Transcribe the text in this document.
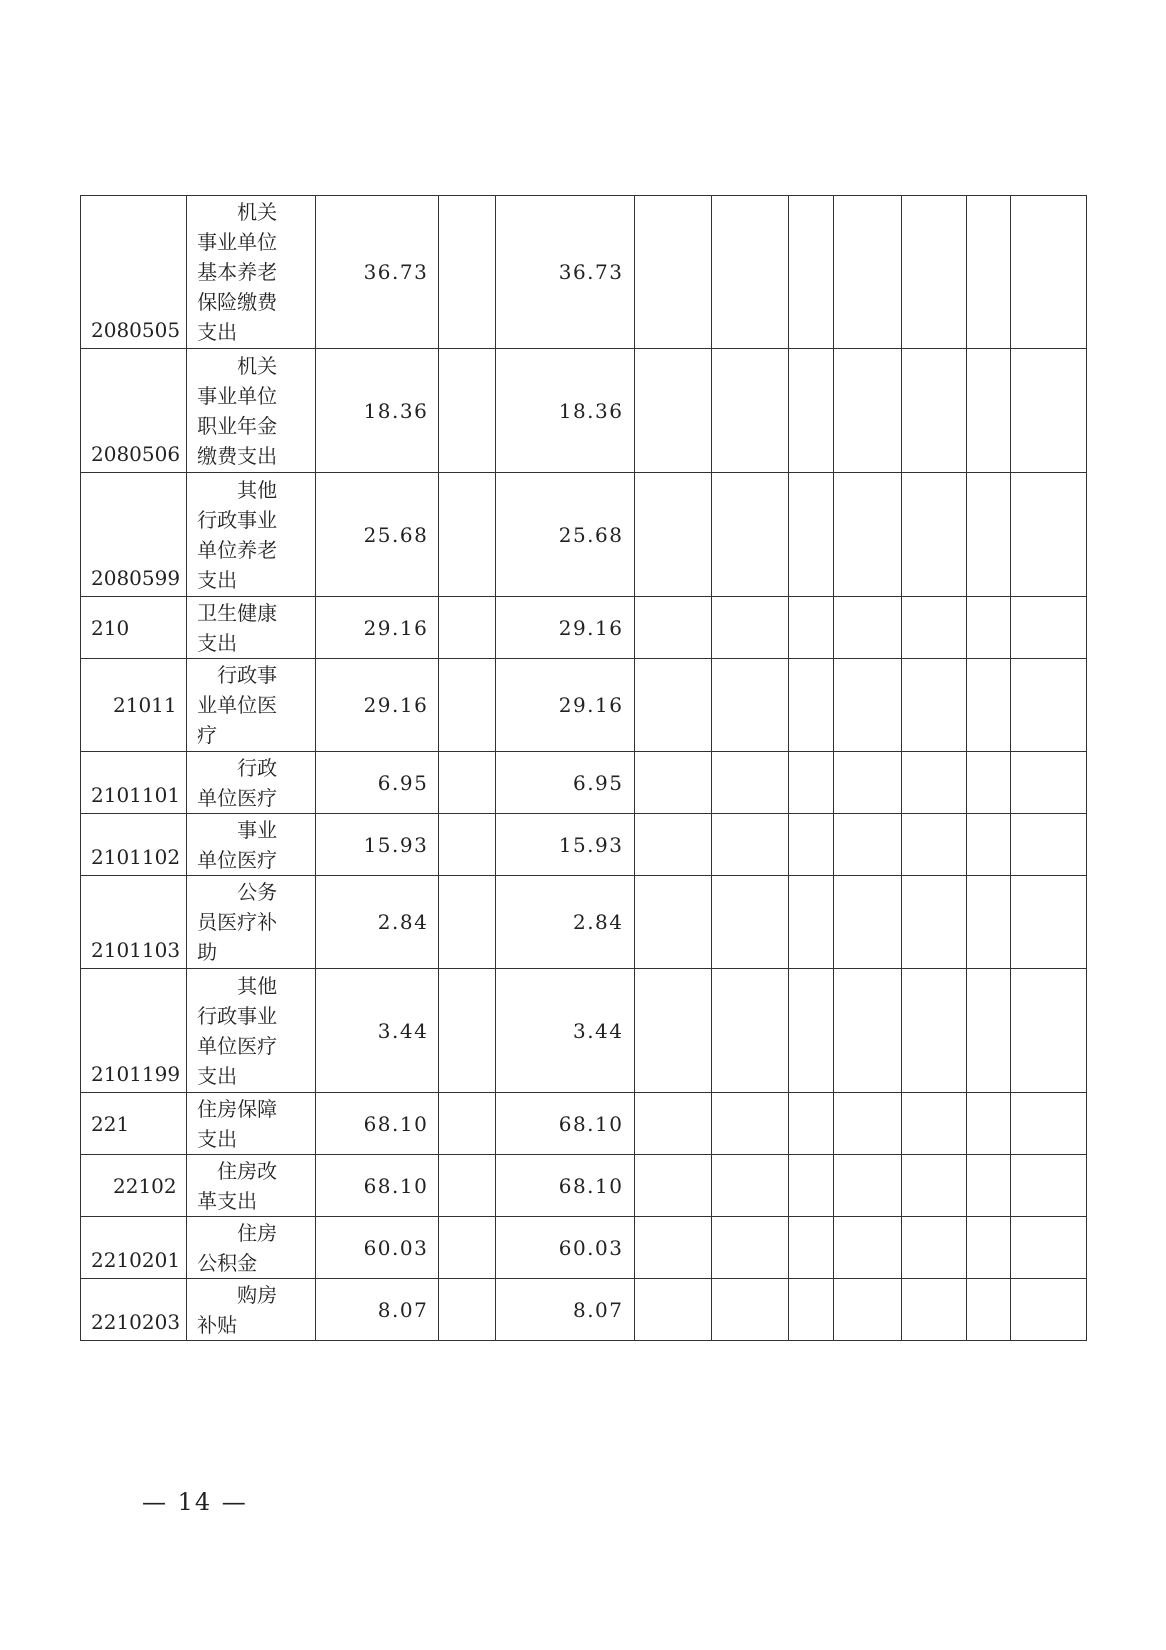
2080505	机关事业单位基本养老保险缴费支出	36.73		36.73							
2080506	机关事业单位职业年金缴费支出	18.36		18.36							
2080599	其他行政事业单位养老支出	25.68		25.68							
210	卫生健康支出	29.16		29.16							
21011	行政事业单位医疗	29.16		29.16							
2101101	行政单位医疗	6.95		6.95							
2101102	事业单位医疗	15.93		15.93							
2101103	公务员医疗补助	2.84		2.84							
2101199	其他行政事业单位医疗支出	3.44		3.44							
221	住房保障支出	68.10		68.10							
22102	住房改革支出	68.10		68.10							
2210201	住房公积金	60.03		60.03							
2210203	购房补贴	8.07		8.07							
— 14 —
